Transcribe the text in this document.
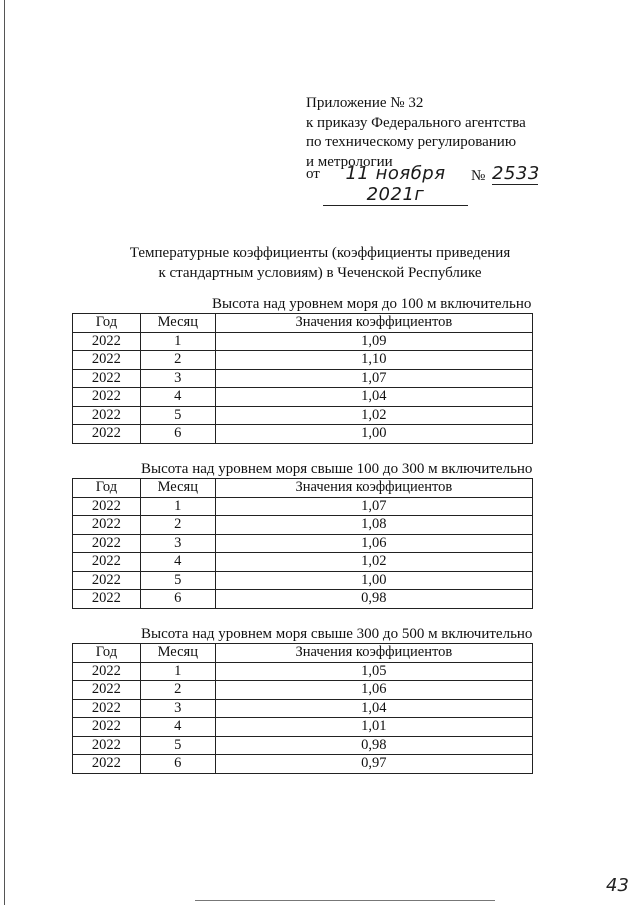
Приложение № 32
к приказу Федерального агентства
по техническому регулированию
и метрологии
от	11 ноября 2021г
№ 2533
Температурные коэффициенты (коэффициенты приведения
к стандартным условиям) в Чеченской Республике
Высота над уровнем моря до 100 м включительно
Год	Месяц	Значения коэффициентов
2022	1	1,09
2022	2	1,10
2022	3	1,07
2022	4	1,04
2022	5	1,02
2022	6	1,00
Высота над уровнем моря свыше 100 до 300 м включительно
Год	Месяц	Значения коэффициентов
2022	1	1,07
2022	2	1,08
2022	3	1,06
2022	4	1,02
2022	5	1,00
2022	6	0,98
Высота над уровнем моря свыше 300 до 500 м включительно
Год	Месяц	Значения коэффициентов
2022	1	1,05
2022	2	1,06
2022	3	1,04
2022	4	1,01
2022	5	0,98
2022	6	0,97
43
